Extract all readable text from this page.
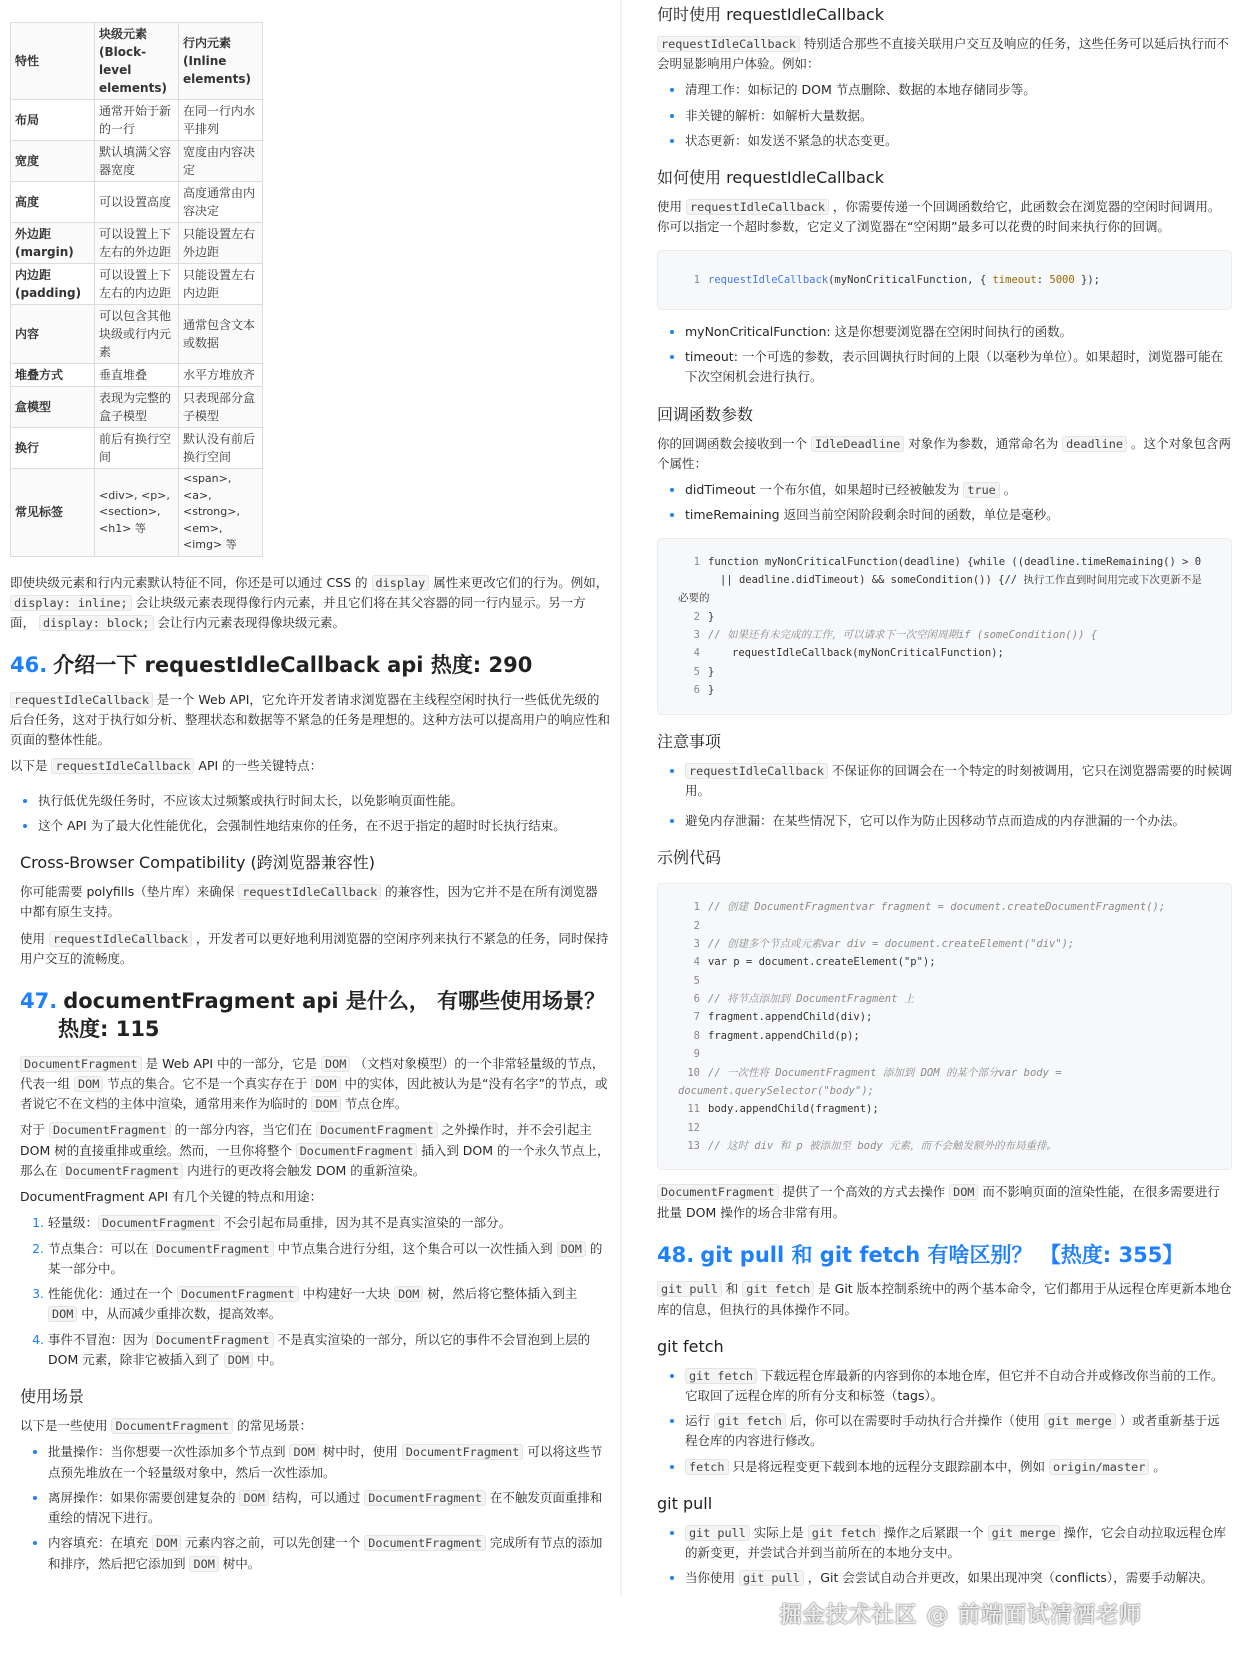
特性	块级元素 (Block-level elements)	行内元素 (Inline elements)
布局	通常开始于新的一行	在同一行内水平排列
宽度	默认填满父容器宽度	宽度由内容决定
高度	可以设置高度	高度通常由内容决定
外边距 (margin)	可以设置上下左右的外边距	只能设置左右外边距
内边距 (padding)	可以设置上下左右的内边距	只能设置左右内边距
内容	可以包含其他块级或行内元素	通常包含文本或数据
堆叠方式	垂直堆叠	水平方堆放齐
盒模型	表现为完整的盒子模型	只表现部分盒子模型
换行	前后有换行空间	默认没有前后换行空间
常见标签	<div>, <p>, <section>, <h1> 等	<span>, <a>, <strong>, <em>, <img> 等

即使块级元素和行内元素默认特征不同，你还是可以通过 CSS 的 display 属性来更改它们的行为。例如， display: inline; 会让块级元素表现得像行内元素，并且它们将在其父容器的同一行内显示。另一方面， display: block; 会让行内元素表现得像块级元素。

46. 介绍一下 requestIdleCallback api 热度: 290

requestIdleCallback 是一个 Web API，它允许开发者请求浏览器在主线程空闲时执行一些低优先级的后台任务，这对于执行如分析、整理状态和数据等不紧急的任务是理想的。这种方法可以提高用户的响应性和页面的整体性能。

以下是 requestIdleCallback API 的一些关键特点：

• 执行低优先级任务时，不应该太过频繁或执行时间太长，以免影响页面性能。
• 这个 API 为了最大化性能优化，会强制性地结束你的任务，在不迟于指定的超时时长执行结束。
Cross-Browser Compatibility (跨浏览器兼容性)

你可能需要 polyfills（垫片库）来确保 requestIdleCallback 的兼容性，因为它并不是在所有浏览器中都有原生支持。

使用 requestIdleCallback ，开发者可以更好地利用浏览器的空闲序列来执行不紧急的任务，同时保持用户交互的流畅度。

47. documentFragment api 是什么， 有哪些使用场景？热度: 115

DocumentFragment 是 Web API 中的一部分，它是 DOM （文档对象模型）的一个非常轻量级的节点，代表一组 DOM 节点的集合。它不是一个真实存在于 DOM 中的实体，因此被认为是“没有名字”的节点，或者说它不在文档的主体中渲染，通常用来作为临时的 DOM 节点仓库。

对于 DocumentFragment 的一部分内容，当它们在 DocumentFragment 之外操作时，并不会引起主 DOM 树的直接重排或重绘。然而，一旦你将整个 DocumentFragment 插入到 DOM 的一个永久节点上，那么在 DocumentFragment 内进行的更改将会触发 DOM 的重新渲染。

DocumentFragment API 有几个关键的特点和用途：

1. 轻量级： DocumentFragment 不会引起布局重排，因为其不是真实渲染的一部分。
2. 节点集合：可以在 DocumentFragment 中节点集合进行分组，这个集合可以一次性插入到 DOM 的某一部分中。
3. 性能优化：通过在一个 DocumentFragment 中构建好一大块 DOM 树，然后将它整体插入到主 DOM 中，从而减少重排次数，提高效率。
4. 事件不冒泡：因为 DocumentFragment 不是真实渲染的一部分，所以它的事件不会冒泡到上层的 DOM 元素，除非它被插入到了 DOM 中。
使用场景

以下是一些使用 DocumentFragment 的常见场景：

• 批量操作：当你想要一次性添加多个节点到 DOM 树中时，使用 DocumentFragment 可以将这些节点预先堆放在一个轻量级对象中，然后一次性添加。
• 离屏操作：如果你需要创建复杂的 DOM 结构，可以通过 DocumentFragment 在不触发页面重排和重绘的情况下进行。
• 内容填充：在填充 DOM 元素内容之前，可以先创建一个 DocumentFragment 完成所有节点的添加和排序，然后把它添加到 DOM 树中。
何时使用 requestIdleCallback

requestIdleCallback 特别适合那些不直接关联用户交互及响应的任务，这些任务可以延后执行而不会明显影响用户体验。例如：

• 清理工作：如标记的 DOM 节点删除、数据的本地存储同步等。
• 非关键的解析：如解析大量数据。
• 状态更新：如发送不紧急的状态变更。
如何使用 requestIdleCallback

使用 requestIdleCallback ，你需要传递一个回调函数给它，此函数会在浏览器的空闲时间调用。你可以指定一个超时参数，它定义了浏览器在“空闲期”最多可以花费的时间来执行你的回调。

1 requestIdleCallback(myNonCriticalFunction, { timeout: 5000 });
• myNonCriticalFunction: 这是你想要浏览器在空闲时间执行的函数。
• timeout: 一个可选的参数，表示回调执行时间的上限（以毫秒为单位）。如果超时，浏览器可能在下次空闲机会进行执行。
回调函数参数

你的回调函数会接收到一个 IdleDeadline 对象作为参数，通常命名为 deadline 。这个对象包含两个属性：

• didTimeout 一个布尔值，如果超时已经被触发为 true 。
• timeRemaining 返回当前空闲阶段剩余时间的函数，单位是毫秒。
1 function myNonCriticalFunction(deadline) {while ((deadline.timeRemaining() > 0
|| deadline.didTimeout) && someCondition()) {// 执行工作直到时间用完或下次更新不是必要的
2 }
3 // 如果还有未完成的工作，可以请求下一次空闲周期if (someCondition()) {
4	requestIdleCallback(myNonCriticalFunction);
5 }
6 }
注意事项
• requestIdleCallback 不保证你的回调会在一个特定的时刻被调用，它只在浏览器需要的时候调用。
• 避免内存泄漏：在某些情况下，它可以作为防止因移动节点而造成的内存泄漏的一个办法。
示例代码
1 // 创建 DocumentFragmentvar fragment = document.createDocumentFragment();
2
3 // 创建多个节点或元素var div = document.createElement("div");
4 var p = document.createElement("p");
5
6 // 将节点添加到 DocumentFragment 上
7 fragment.appendChild(div);
8 fragment.appendChild(p);
9
10 // 一次性将 DocumentFragment 添加到 DOM 的某个部分var body = document.querySelector("body");
11 body.appendChild(fragment);
12
13 // 这时 div 和 p 被添加至 body 元素，而不会触发额外的布局重排。

DocumentFragment 提供了一个高效的方式去操作 DOM 而不影响页面的渲染性能，在很多需要进行批量 DOM 操作的场合非常有用。

48. git pull 和 git fetch 有啥区别？ 【热度: 355】

git pull 和 git fetch 是 Git 版本控制系统中的两个基本命令，它们都用于从远程仓库更新本地仓库的信息，但执行的具体操作不同。

git fetch
• git fetch 下载远程仓库最新的内容到你的本地仓库，但它并不自动合并或修改你当前的工作。它取回了远程仓库的所有分支和标签（tags）。
• 运行 git fetch 后，你可以在需要时手动执行合并操作（使用 git merge ）或者重新基于远程仓库的内容进行修改。
• fetch 只是将远程变更下载到本地的远程分支跟踪副本中，例如 origin/master 。
git pull
• git pull 实际上是 git fetch 操作之后紧跟一个 git merge 操作，它会自动拉取远程仓库的新变更，并尝试合并到当前所在的本地分支中。
• 当你使用 git pull ，Git 会尝试自动合并更改，如果出现冲突（conflicts），需要手动解决。
掘金技术社区 @ 前端面试清酒老师
